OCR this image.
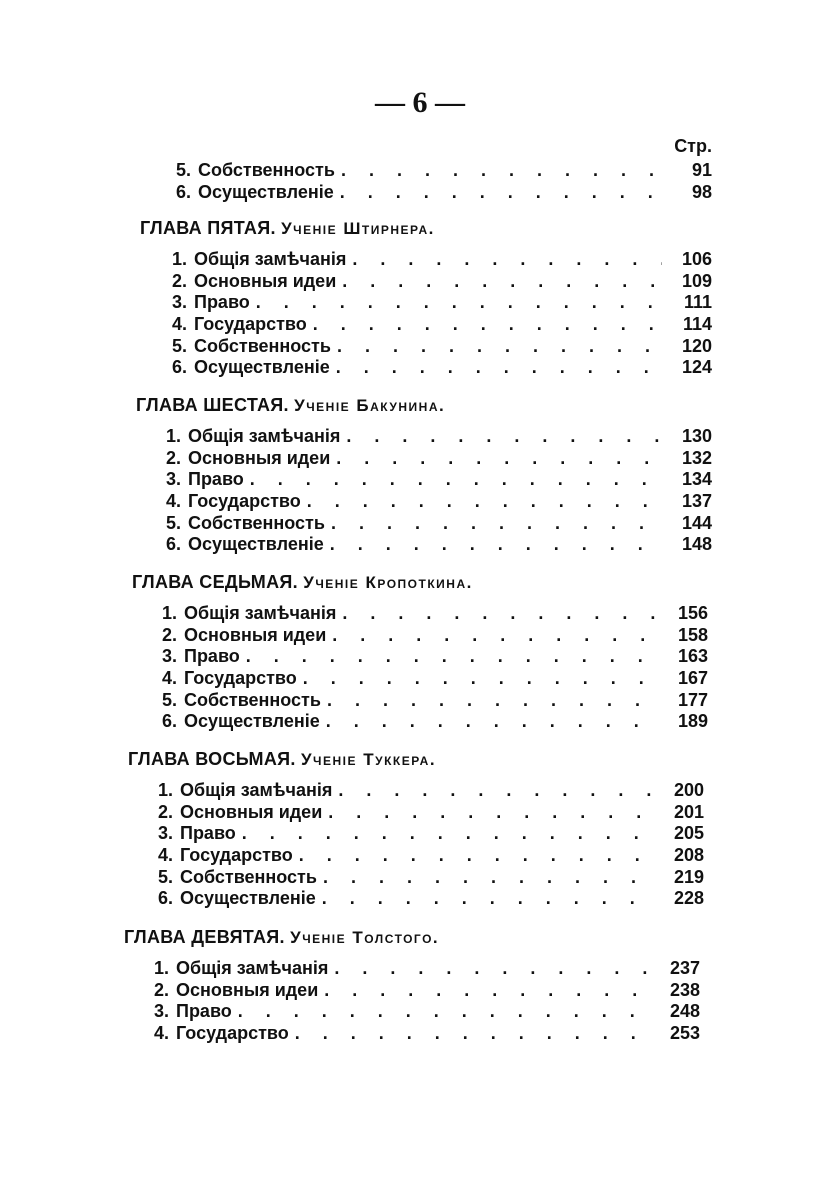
— 6 —
Стр.
5. Собственность . . .	91
6. Осуществленіе . . .	98
ГЛАВА ПЯТАЯ. Ученіе Штирнера.
1. Общія замѣчанія . . .	106
2. Основныя идеи . . .	109
3. Право . . .	111
4. Государство . . .	114
5. Собственность . . .	120
6. Осуществленіе . . .	124
ГЛАВА ШЕСТАЯ. Ученіе Бакунина.
1. Общія замѣчанія . . .	130
2. Основныя идеи . . .	132
3. Право . . .	134
4. Государство . . .	137
5. Собственность . . .	144
6. Осуществленіе . . .	148
ГЛАВА СЕДЬМАЯ. Ученіе Кропоткина.
1. Общія замѣчанія . . .	156
2. Основныя идеи . . .	158
3. Право . . .	163
4. Государство . . .	167
5. Собственность . . .	177
6. Осуществленіе . . .	189
ГЛАВА ВОСЬМАЯ. Ученіе Туккера.
1. Общія замѣчанія . . .	200
2. Основныя идеи . . .	201
3. Право . . .	205
4. Государство . . .	208
5. Собственность . . .	219
6. Осуществленіе . . .	228
ГЛАВА ДЕВЯТАЯ. Ученіе Толстого.
1. Общія замѣчанія . . .	237
2. Основныя идеи . . .	238
3. Право . . .	248
4. Государство . . .	253
